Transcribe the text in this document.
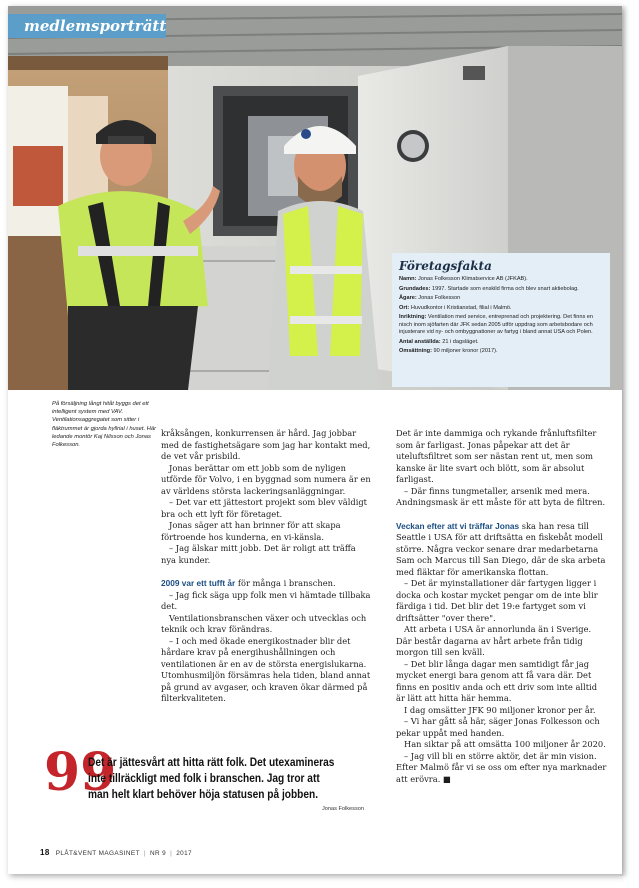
medlemsporträtt
Företagsfakta

Namn: Jonas Folkesson Klimatservice AB (JFKAB).

Grundades: 1997. Startade som enskild firma och blev snart aktiebolag.

Ägare: Jonas Folkesson

Ort: Huvudkontor i Kristianstad, filial i Malmö.

Inriktning: Ventilation med service, entreprenad och projektering. Det finns en nisch inom sjöfarten där JFK sedan 2005 utför uppdrag som arbetsbodare och injusterare vid ny- och ombyggnationer av fartyg i bland annat USA och Polen.

Antal anställda: 21 i dagsläget.

Omsättning: 90 miljoner kronor (2017).

På försäljning långt hitåt byggs det ett intelligent system med VAV. Ventilationsaggregatet som sitter i fläktrummet är gjorda hyllrial i huset. Här ledande montör Kaj Nilsson och Jonas Folkesson.

kråksången, konkurrensen är hård. Jag jobbar med de fastighetsägare som jag har kontakt med, de vet vår prisbild.

Jonas berättar om ett jobb som de nyligen utförde för Volvo, i en byggnad som numera är en av världens största lackeringsanläggningar.

– Det var ett jättestort projekt som blev väldigt bra och ett lyft för företaget.

Jonas säger att han brinner för att skapa förtroende hos kunderna, en vi-känsla.

– Jag älskar mitt jobb. Det är roligt att träffa nya kunder.

2009 var ett tufft år för många i branschen.

– Jag fick säga upp folk men vi hämtade tillbaka det.

Ventilationsbranschen växer och utvecklas och teknik och krav förändras.

– I och med ökade energikostnader blir det hårdare krav på energihushållningen och ventilationen är en av de största energislukarna. Utomhusmiljön försämras hela tiden, bland annat på grund av avgaser, och kraven ökar därmed på filterkvaliteten.

Det är inte dammiga och rykande frånluftsfilter som är farligast. Jonas påpekar att det är uteluftsfiltret som ser nästan rent ut, men som kanske är lite svart och blött, som är absolut farligast.

– Där finns tungmetaller, arsenik med mera. Andningsmask är ett måste för att byta de filtren.

Veckan efter att vi träffar Jonas ska han resa till Seattle i USA för att driftsätta en fiskebåt modell större. Några veckor senare drar medarbetarna Sam och Marcus till San Diego, där de ska arbeta med fläktar för amerikanska flottan.

– Det är myinstallationer där fartygen ligger i docka och kostar mycket pengar om de inte blir färdiga i tid. Det blir det 19:e fartyget som vi driftsätter "over there".

Att arbeta i USA är annorlunda än i Sverige. Där består dagarna av hårt arbete från tidig morgon till sen kväll.

– Det blir långa dagar men samtidigt får jag mycket energi bara genom att få vara där. Det finns en positiv anda och ett driv som inte alltid är lätt att hitta här hemma.

I dag omsätter JFK 90 miljoner kronor per år.

– Vi har gått så här, säger Jonas Folkesson och pekar uppåt med handen.

Han siktar på att omsätta 100 miljoner år 2020.

– Jag vill bli en större aktör, det är min vision. Efter Malmö får vi se oss om efter nya marknader att erövra. ■

99
Det är jättesvårt att hitta rätt folk. Det utexamineras inte tillräckligt med folk i branschen. Jag tror att man helt klart behöver höja statusen på jobben.
Jonas Folkesson
18 PLÅT&VENT MAGASINET | NR 9 | 2017
